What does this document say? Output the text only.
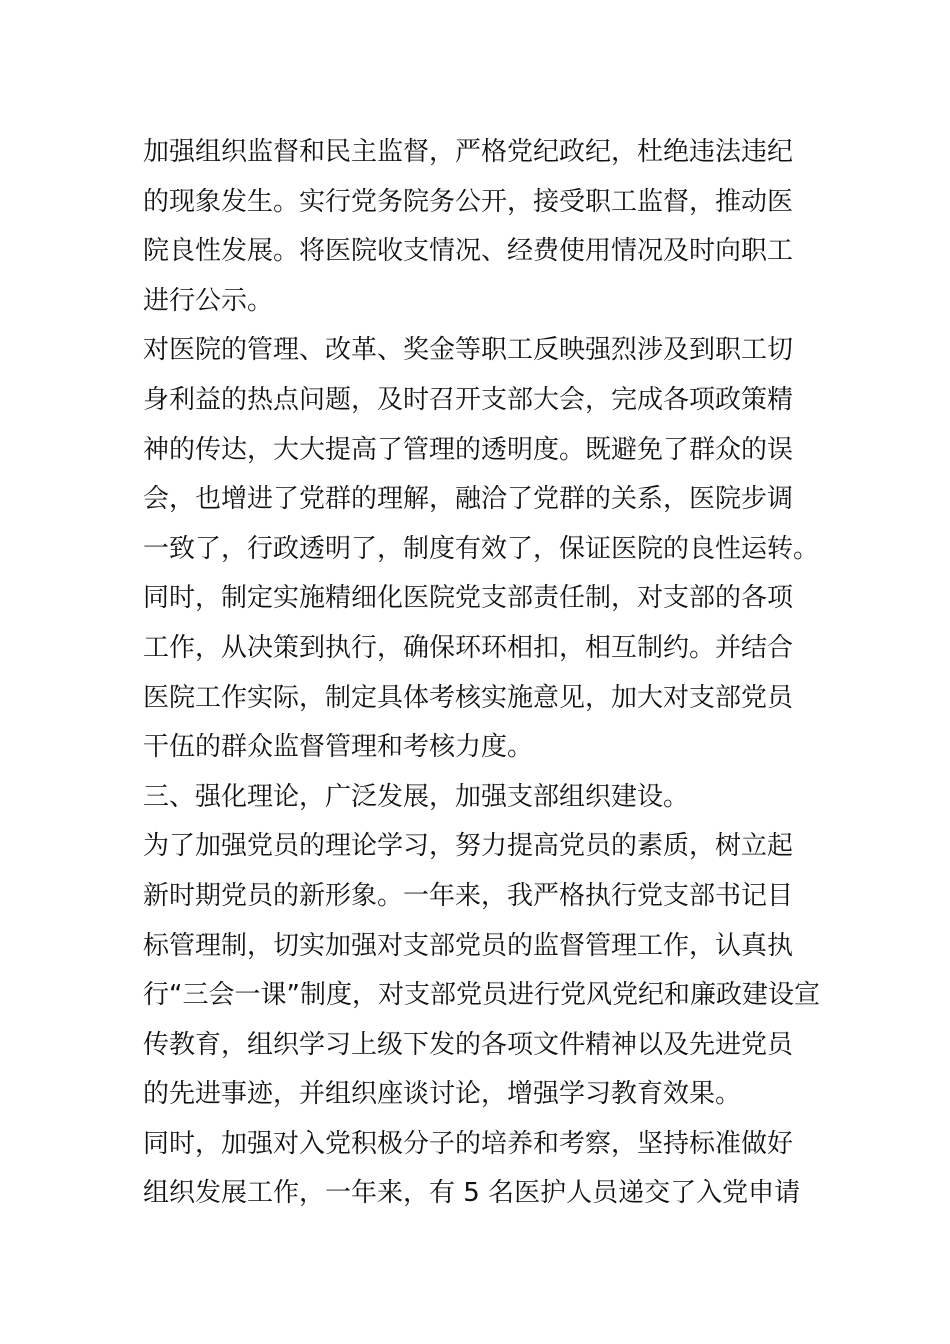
加强组织监督和民主监督，严格党纪政纪，杜绝违法违纪
的现象发生。实行党务院务公开，接受职工监督，推动医
院良性发展。将医院收支情况、经费使用情况及时向职工
进行公示。
对医院的管理、改革、奖金等职工反映强烈涉及到职工切
身利益的热点问题，及时召开支部大会，完成各项政策精
神的传达，大大提高了管理的透明度。既避免了群众的误
会，也增进了党群的理解，融洽了党群的关系，医院步调
一致了，行政透明了，制度有效了，保证医院的良性运转。
同时，制定实施精细化医院党支部责任制，对支部的各项
工作，从决策到执行，确保环环相扣，相互制约。并结合
医院工作实际，制定具体考核实施意见，加大对支部党员
干伍的群众监督管理和考核力度。
三、强化理论，广泛发展，加强支部组织建设。
为了加强党员的理论学习，努力提高党员的素质，树立起
新时期党员的新形象。一年来，我严格执行党支部书记目
标管理制，切实加强对支部党员的监督管理工作，认真执
行“三会一课”制度，对支部党员进行党风党纪和廉政建设宣
传教育，组织学习上级下发的各项文件精神以及先进党员
的先进事迹，并组织座谈讨论，增强学习教育效果。
同时，加强对入党积极分子的培养和考察，坚持标准做好
组织发展工作，一年来，有 5 名医护人员递交了入党申请
